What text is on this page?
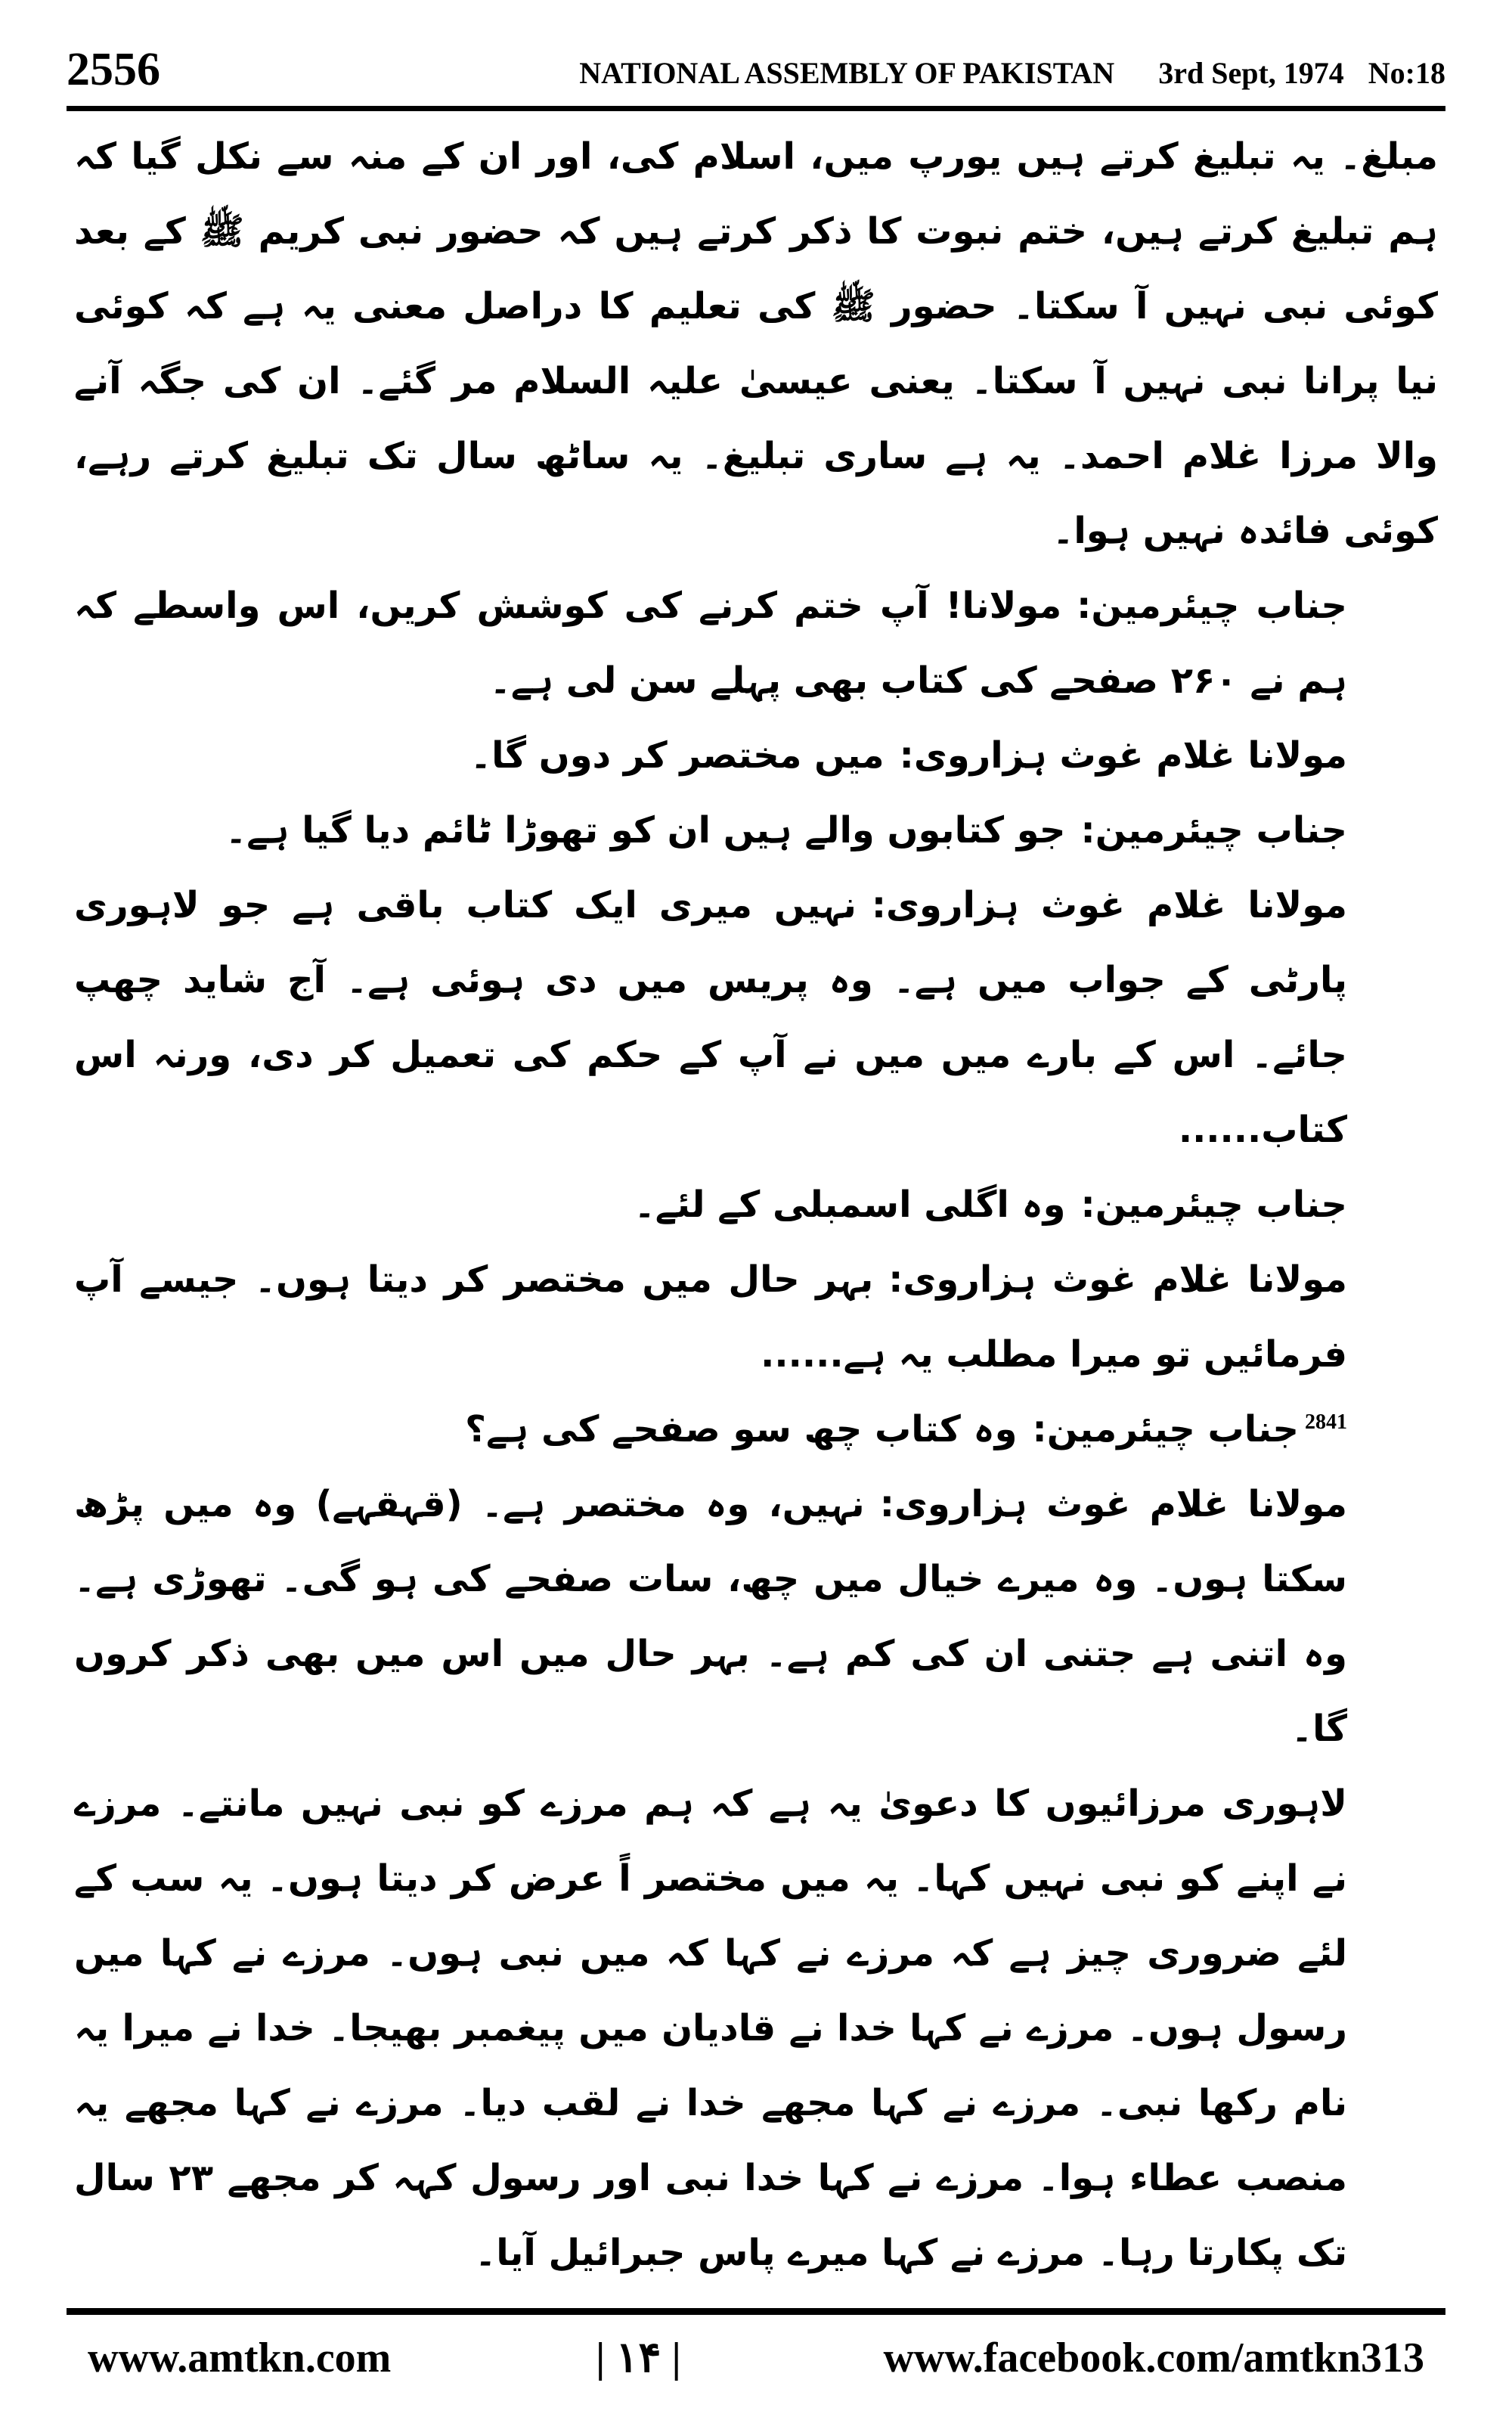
2556	NATIONAL ASSEMBLY OF PAKISTAN 3rd Sept, 1974 No:18

مبلغ۔ یہ تبلیغ کرتے ہیں یورپ میں، اسلام کی، اور ان کے منہ سے نکل گیا کہ ہم تبلیغ کرتے ہیں، ختم نبوت کا ذکر کرتے ہیں کہ حضور نبی کریم ﷺ کے بعد کوئی نبی نہیں آ سکتا۔ حضور ﷺ کی تعلیم کا دراصل معنی یہ ہے کہ کوئی نیا پرانا نبی نہیں آ سکتا۔ یعنی عیسیٰ علیہ السلام مر گئے۔ ان کی جگہ آنے والا مرزا غلام احمد۔ یہ ہے ساری تبلیغ۔ یہ ساٹھ سال تک تبلیغ کرتے رہے، کوئی فائدہ نہیں ہوا۔

جناب چیئرمین:مولانا! آپ ختم کرنے کی کوشش کریں، اس واسطے کہ ہم نے ۲۶۰ صفحے کی کتاب بھی پہلے سن لی ہے۔

مولانا غلام غوث ہزاروی:میں مختصر کر دوں گا۔

جناب چیئرمین:جو کتابوں والے ہیں ان کو تھوڑا ٹائم دیا گیا ہے۔

مولانا غلام غوث ہزاروی:نہیں میری ایک کتاب باقی ہے جو لاہوری پارٹی کے جواب میں ہے۔ وہ پریس میں دی ہوئی ہے۔ آج شاید چھپ جائے۔ اس کے بارے میں میں نے آپ کے حکم کی تعمیل کر دی، ورنہ اس کتاب......

جناب چیئرمین:وہ اگلی اسمبلی کے لئے۔

مولانا غلام غوث ہزاروی:بہر حال میں مختصر کر دیتا ہوں۔ جیسے آپ فرمائیں تو میرا مطلب یہ ہے......

$^{2841}$جناب چیئرمین:وہ کتاب چھ سو صفحے کی ہے؟

مولانا غلام غوث ہزاروی:نہیں، وہ مختصر ہے۔ (قہقہے) وہ میں پڑھ سکتا ہوں۔ وہ میرے خیال میں چھ، سات صفحے کی ہو گی۔ تھوڑی ہے۔ وہ اتنی ہے جتنی ان کی کم ہے۔ بہر حال میں اس میں بھی ذکر کروں گا۔

لاہوری مرزائیوں کا دعویٰ یہ ہے کہ ہم مرزے کو نبی نہیں مانتے۔ مرزے نے اپنے کو نبی نہیں کہا۔ یہ میں مختصر اً عرض کر دیتا ہوں۔ یہ سب کے لئے ضروری چیز ہے کہ مرزے نے کہا کہ میں نبی ہوں۔ مرزے نے کہا میں رسول ہوں۔ مرزے نے کہا خدا نے قادیان میں پیغمبر بھیجا۔ خدا نے میرا یہ نام رکھا نبی۔ مرزے نے کہا مجھے خدا نے لقب دیا۔ مرزے نے کہا مجھے یہ منصب عطاء ہوا۔ مرزے نے کہا خدا نبی اور رسول کہہ کر مجھے ۲۳ سال تک پکارتا رہا۔ مرزے نے کہا میرے پاس جبرائیل آیا۔

www.amtkn.com	| ۱۴ |	www.facebook.com/amtkn313
